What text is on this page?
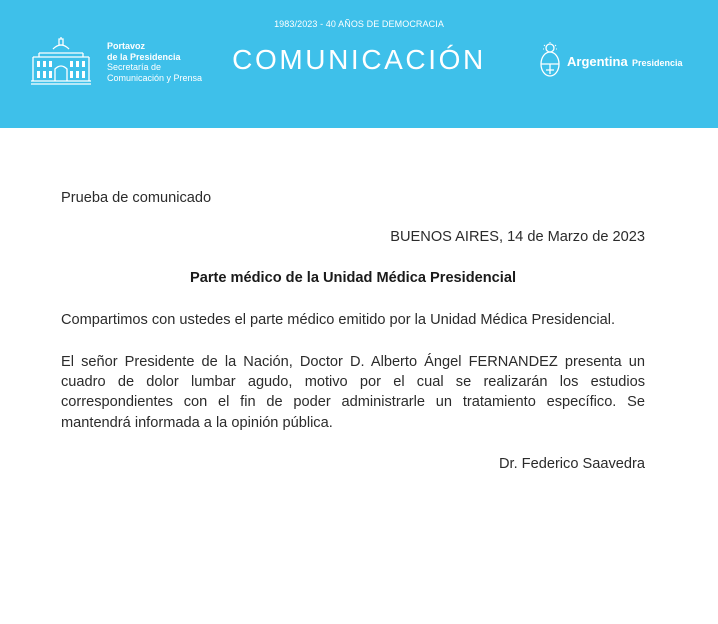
1983/2023 - 40 AÑOS DE DEMOCRACIA
Portavoz
de la Presidencia
Secretaría de
Comunicación y Prensa
COMUNICACIÓN	Argentina Presidencia

Prueba de comunicado

BUENOS AIRES, 14 de Marzo de 2023

Parte médico de la Unidad Médica Presidencial

Compartimos con ustedes el parte médico emitido por la Unidad Médica Presidencial.

El señor Presidente de la Nación, Doctor D. Alberto Ángel FERNANDEZ presenta un cuadro de dolor lumbar agudo, motivo por el cual se realizarán los estudios correspondientes con el fin de poder administrarle un tratamiento específico. Se mantendrá informada a la opinión pública.

Dr. Federico Saavedra
